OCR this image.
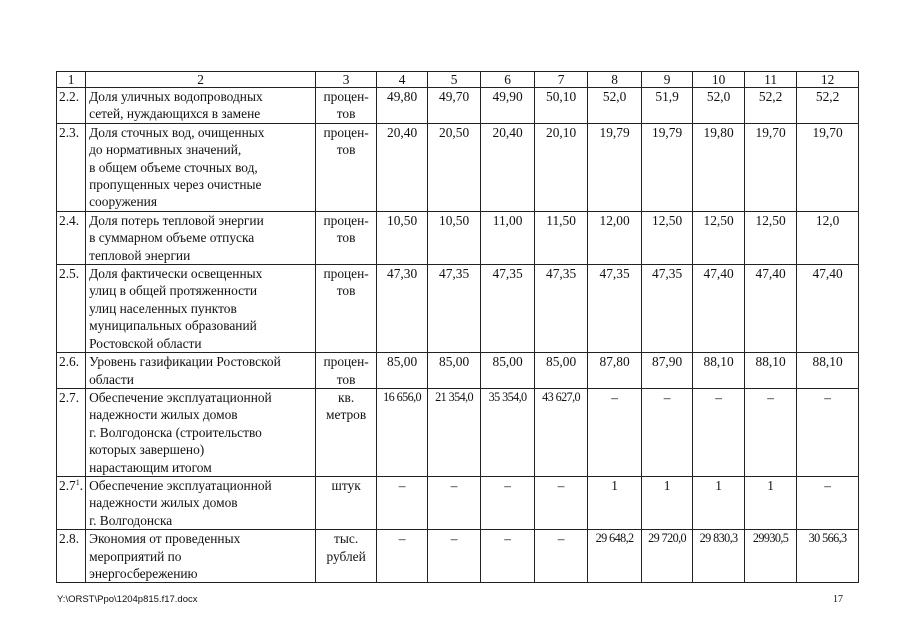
1	2	3	4	5	6	7	8	9	10	11	12
2.2.	Доля уличных водопроводных
сетей, нуждающихся в замене	процен-
тов	49,80	49,70	49,90	50,10	52,0	51,9	52,0	52,2	52,2
2.3.	Доля сточных вод, очищенных
до нормативных значений,
в общем объеме сточных вод,
пропущенных через очистные
сооружения	процен-
тов	20,40	20,50	20,40	20,10	19,79	19,79	19,80	19,70	19,70
2.4.	Доля потерь тепловой энергии
в суммарном объеме отпуска
тепловой энергии	процен-
тов	10,50	10,50	11,00	11,50	12,00	12,50	12,50	12,50	12,0
2.5.	Доля фактически освещенных
улиц в общей протяженности
улиц населенных пунктов
муниципальных образований
Ростовской области	процен-
тов	47,30	47,35	47,35	47,35	47,35	47,35	47,40	47,40	47,40
2.6.	Уровень газификации Ростовской
области	процен-
тов	85,00	85,00	85,00	85,00	87,80	87,90	88,10	88,10	88,10
2.7.	Обеспечение эксплуатационной
надежности жилых домов
г. Волгодонска (строительство
которых завершено)
нарастающим итогом	кв.
метров	16 656,0	21 354,0	35 354,0	43 627,0	–	–	–	–	–
$2.7^1$.	Обеспечение эксплуатационной
надежности жилых домов
г. Волгодонска	штук	–	–	–	–	1	1	1	1	–
2.8.	Экономия от проведенных
мероприятий по
энергосбережению	тыс.
рублей	–	–	–	–	29 648,2	29 720,0	29 830,3	29930,5	30 566,3
Y:\ORST\Ppo\1204p815.f17.docx	17
